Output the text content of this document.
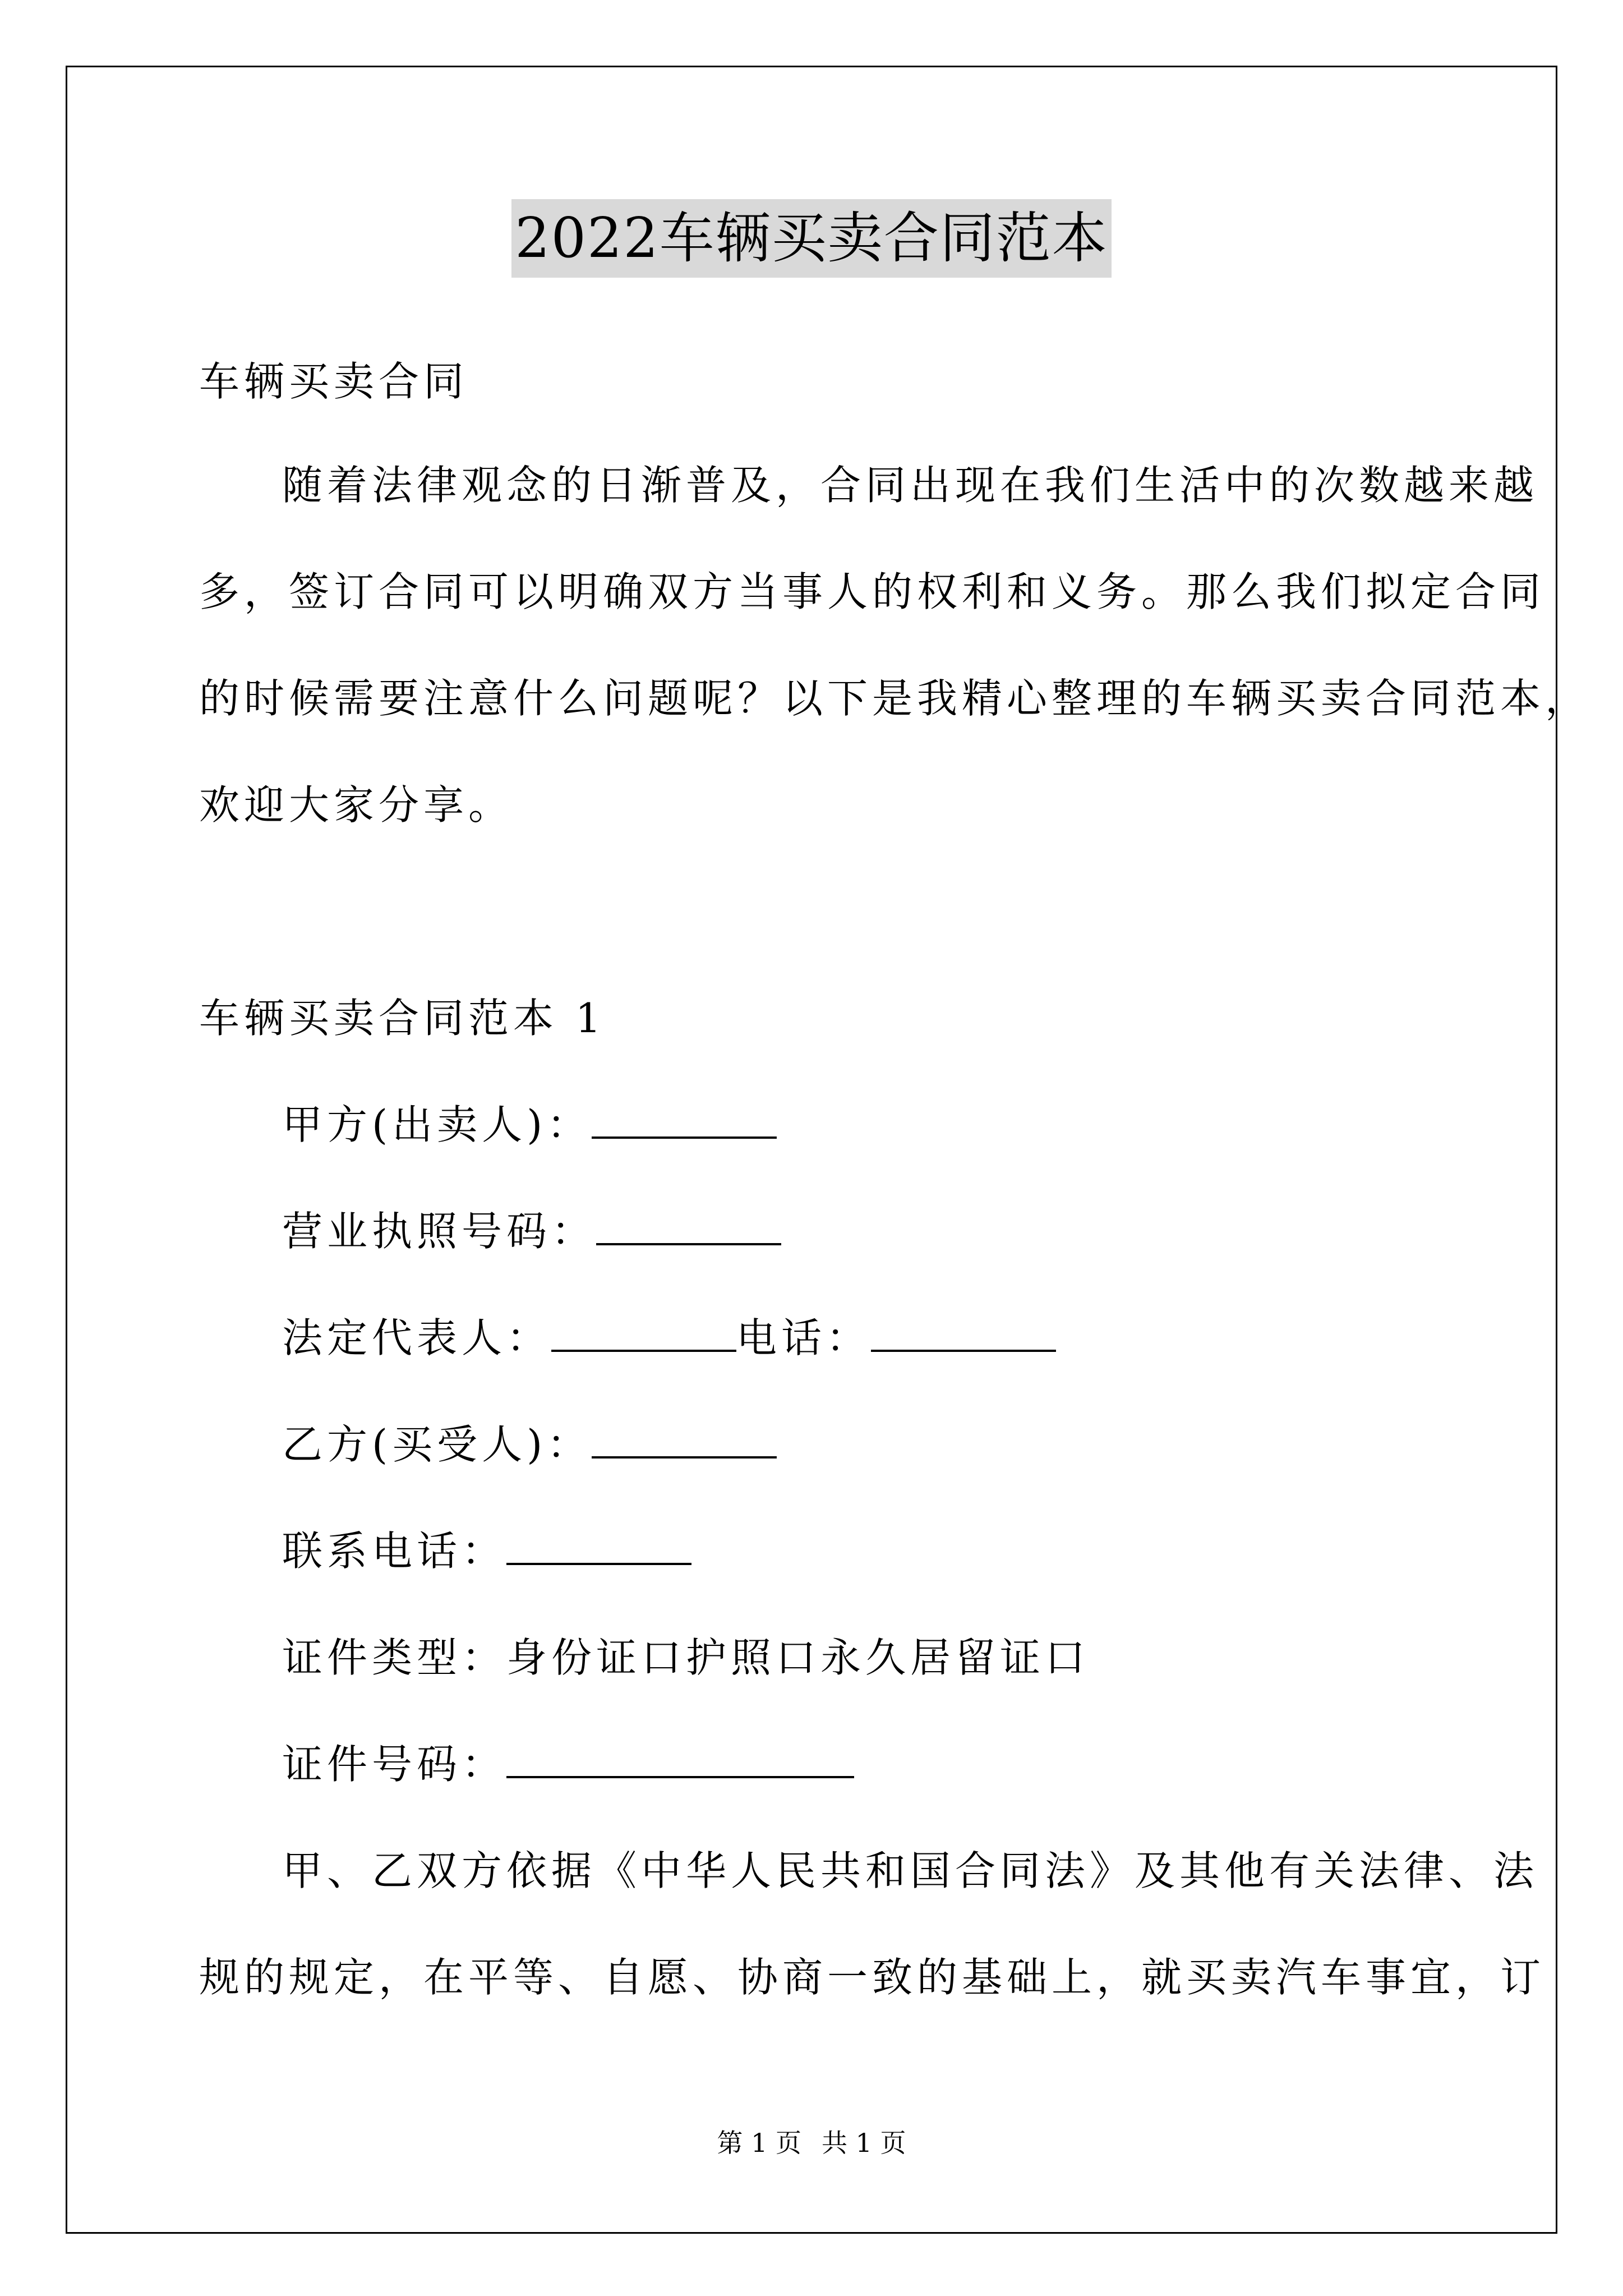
2022车辆买卖合同范本
车辆买卖合同
随着法律观念的日渐普及，合同出现在我们生活中的次数越来越
多，签订合同可以明确双方当事人的权利和义务。那么我们拟定合同
的时候需要注意什么问题呢？以下是我精心整理的车辆买卖合同范本，
欢迎大家分享。
车辆买卖合同范本 1
甲方(出卖人)：
营业执照号码：
法定代表人：	电话：
乙方(买受人)：
联系电话：
证件类型：身份证口护照口永久居留证口
证件号码：
甲、乙双方依据《中华人民共和国合同法》及其他有关法律、法
规的规定，在平等、自愿、协商一致的基础上，就买卖汽车事宜，订
第 1 页 共 1 页
